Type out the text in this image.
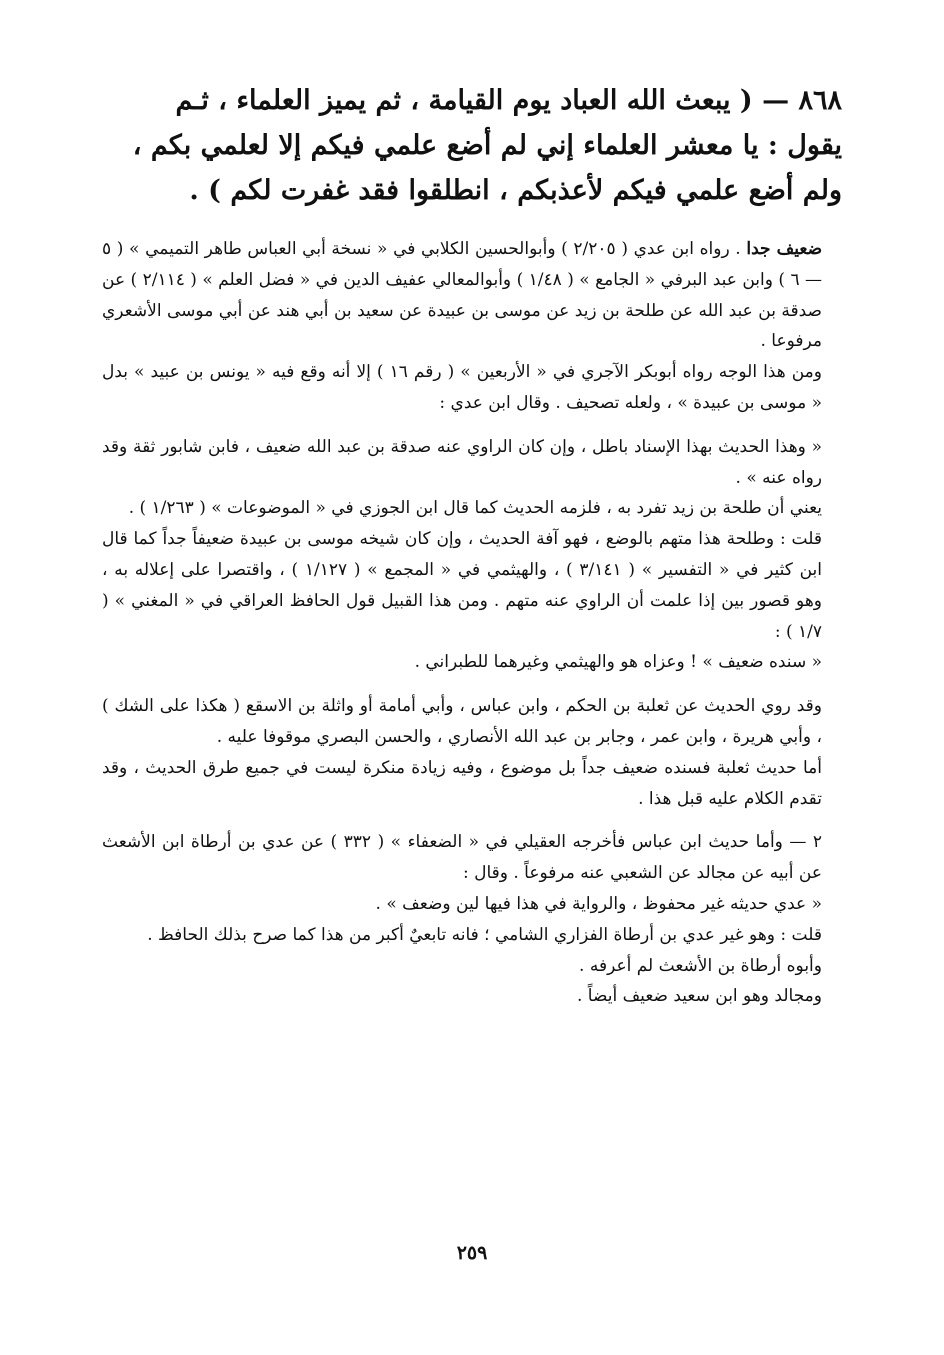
٨٦٨ — ( يبعث الله العباد يوم القيامة ، ثم يميز العلماء ، ثـم
يقول : يا معشر العلماء إني لم أضع علمي فيكم إلا لعلمي بكم ،
ولم أضع علمي فيكم لأعذبكم ، انطلقوا فقد غفرت لكم ) .

ضعيف جدا . رواه ابن عدي ( ٢/٢٠٥ ) وأبوالحسين الكلابي في « نسخة أبي العباس طاهر التميمي » ( ٥ — ٦ ) وابن عبد البرفي « الجامع » ( ١/٤٨ ) وأبوالمعالي عفيف الدين في « فضل العلم » ( ٢/١١٤ ) عن صدقة بن عبد الله عن طلحة بن زيد عن موسى بن عبيدة عن سعيد بن أبي هند عن أبي موسى الأشعري مرفوعا .

ومن هذا الوجه رواه أبوبكر الآجري في « الأربعين » ( رقم ١٦ ) إلا أنه وقع فيه « يونس بن عبيد » بدل « موسى بن عبيدة » ، ولعله تصحيف . وقال ابن عدي :

« وهذا الحديث بهذا الإسناد باطل ، وإن كان الراوي عنه صدقة بن عبد الله ضعيف ، فابن شابور ثقة وقد رواه عنه » .

يعني أن طلحة بن زيد تفرد به ، فلزمه الحديث كما قال ابن الجوزي في « الموضوعات » ( ١/٢٦٣ ) .

قلت : وطلحة هذا متهم بالوضع ، فهو آفة الحديث ، وإن كان شيخه موسى بن عبيدة ضعيفاً جداً كما قال ابن كثير في « التفسير » ( ٣/١٤١ ) ، والهيثمي في « المجمع » ( ١/١٢٧ ) ، واقتصرا على إعلاله به ، وهو قصور بين إذا علمت أن الراوي عنه متهم . ومن هذا القبيل قول الحافظ العراقي في « المغني » ( ١/٧ ) :

« سنده ضعيف » ! وعزاه هو والهيثمي وغيرهما للطبراني .

وقد روي الحديث عن ثعلبة بن الحكم ، وابن عباس ، وأبي أمامة أو واثلة بن الاسقع ( هكذا على الشك ) ، وأبي هريرة ، وابن عمر ، وجابر بن عبد الله الأنصاري ، والحسن البصري موقوفا عليه .

أما حديث ثعلبة فسنده ضعيف جداً بل موضوع ، وفيه زيادة منكرة ليست في جميع طرق الحديث ، وقد تقدم الكلام عليه قبل هذا .

٢ — وأما حديث ابن عباس فأخرجه العقيلي في « الضعفاء » ( ٣٣٢ ) عن عدي بن أرطاة ابن الأشعث عن أبيه عن مجالد عن الشعبي عنه مرفوعاً . وقال :

« عدي حديثه غير محفوظ ، والرواية في هذا فيها لين وضعف » .

قلت : وهو غير عدي بن أرطاة الفزاري الشامي ؛ فانه تابعيٌ أكبر من هذا كما صرح بذلك الحافظ .

وأبوه أرطاة بن الأشعث لم أعرفه .

ومجالد وهو ابن سعيد ضعيف أيضاً .

٢٥٩
